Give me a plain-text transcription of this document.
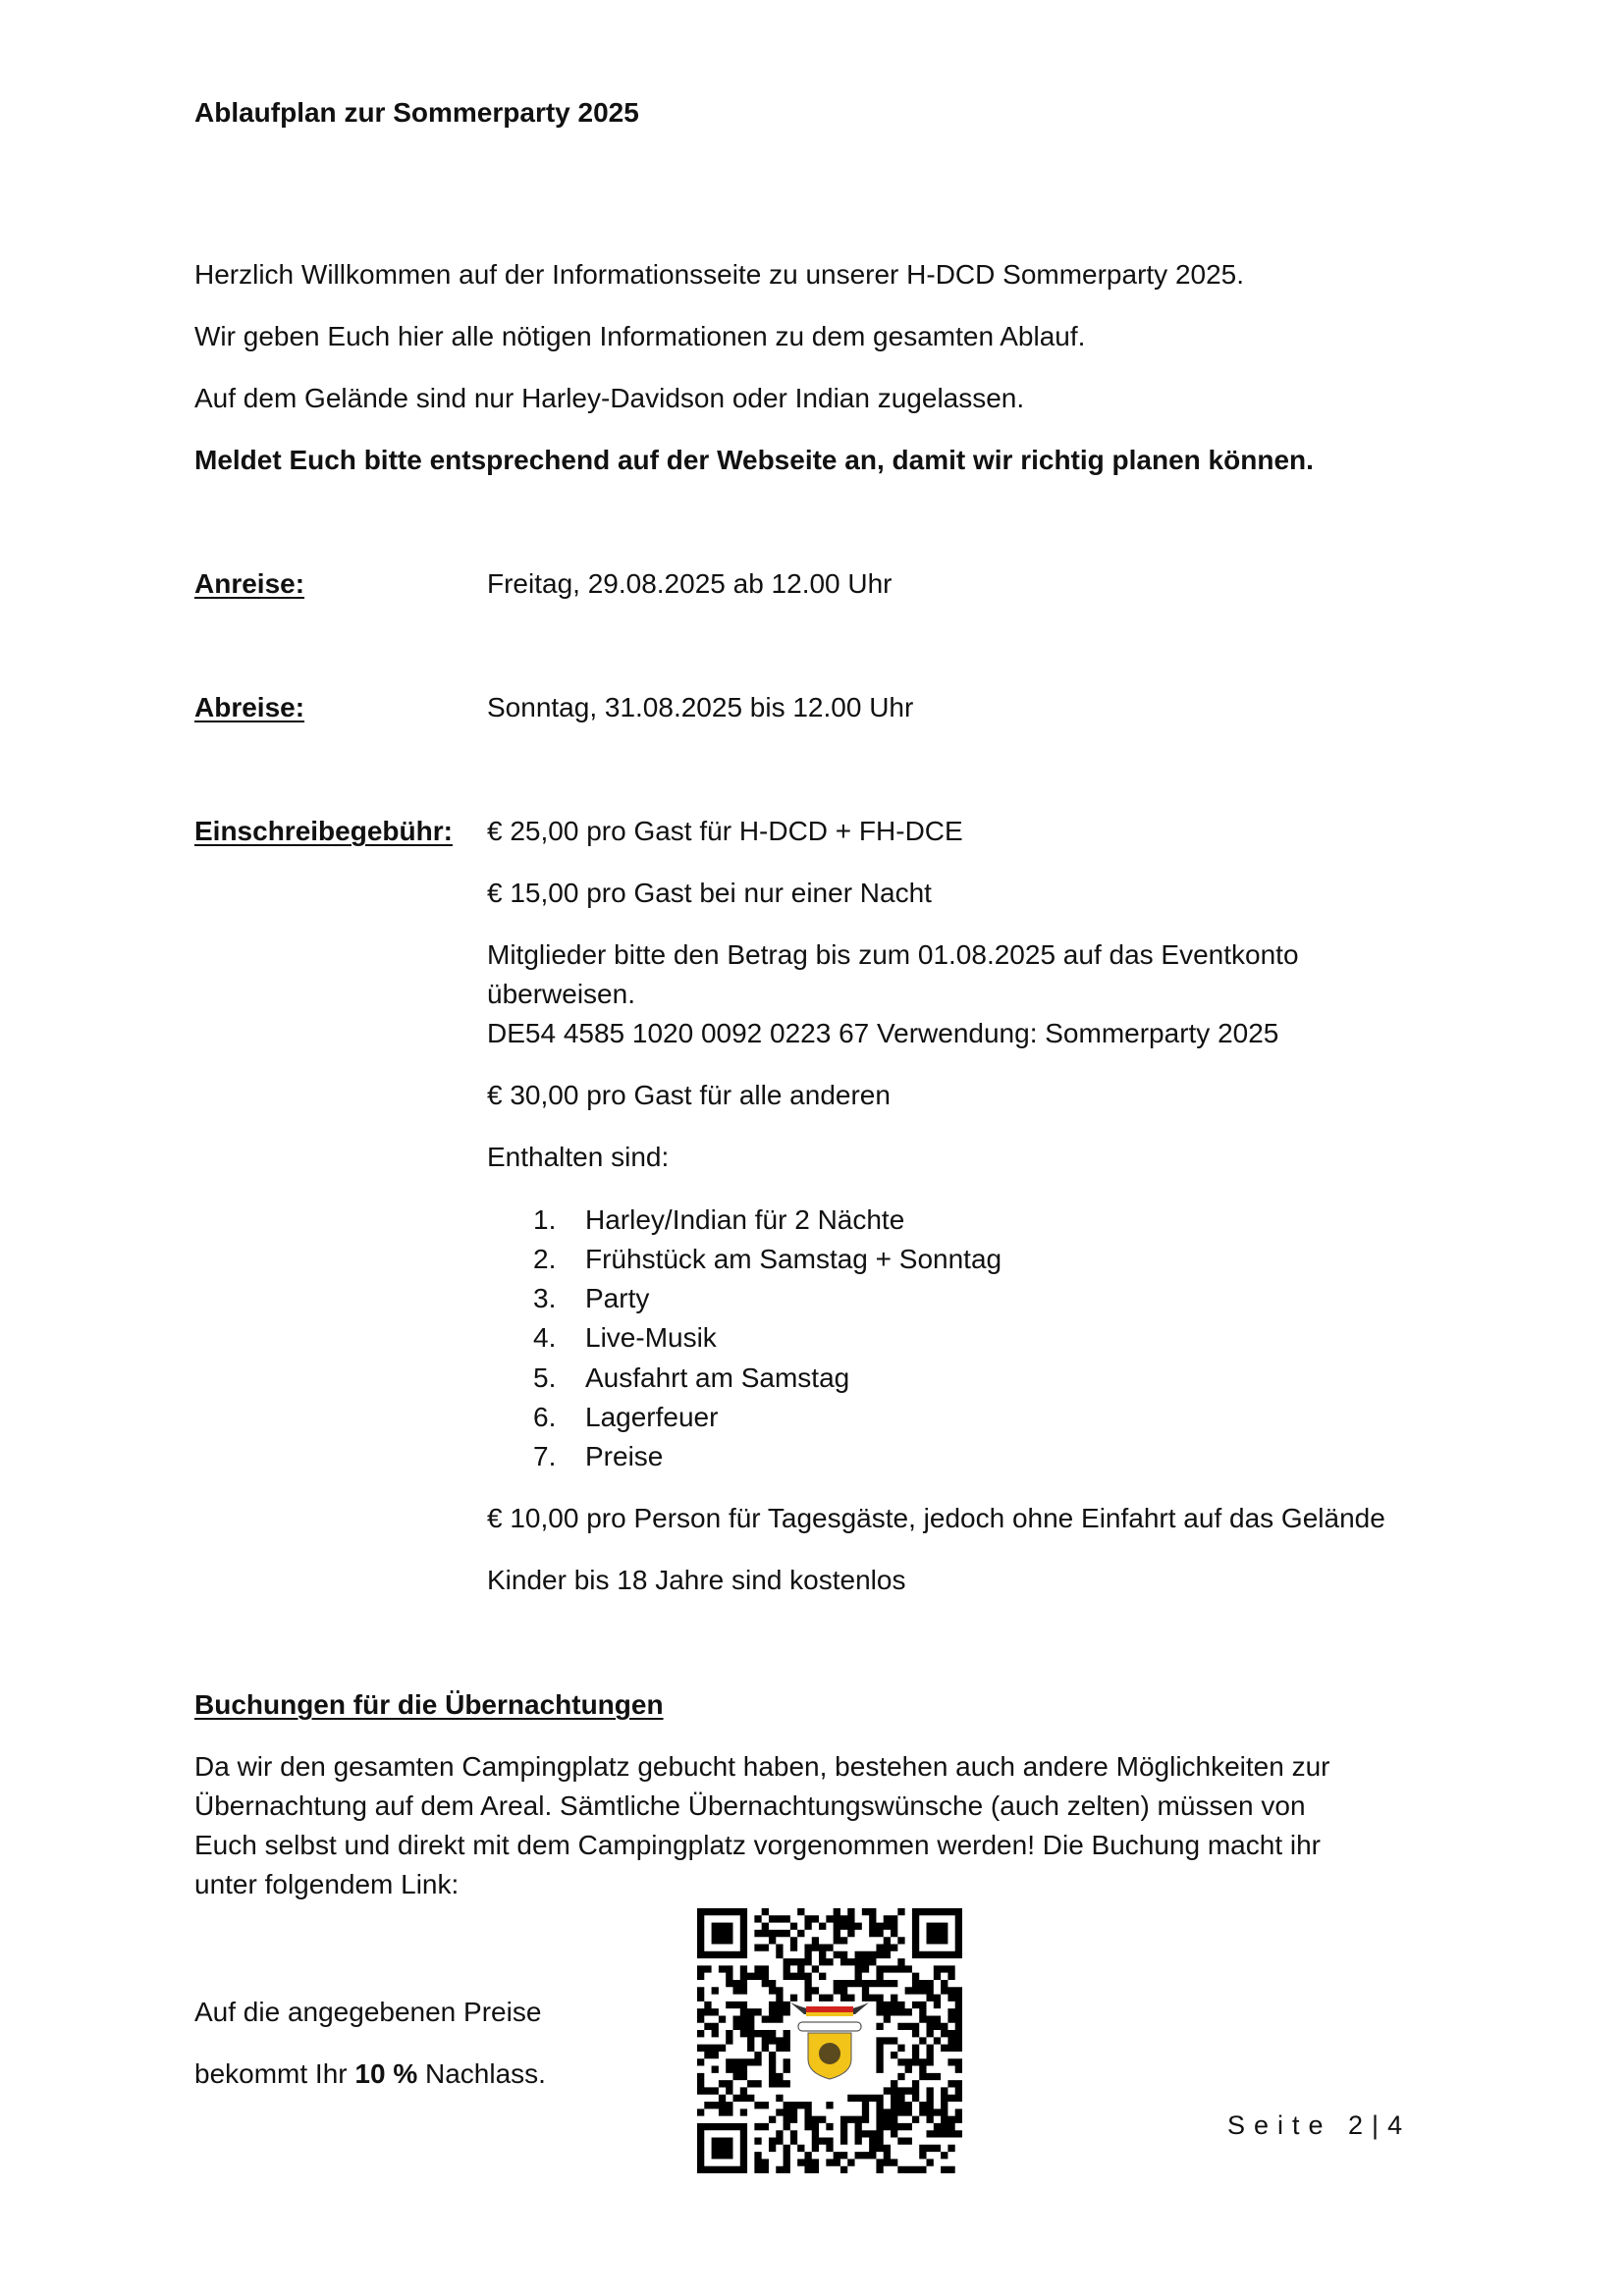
Ablaufplan zur Sommerparty 2025
Herzlich Willkommen auf der Informationsseite zu unserer H-DCD Sommerparty 2025.
Wir geben Euch hier alle nötigen Informationen zu dem gesamten Ablauf.
Auf dem Gelände sind nur Harley-Davidson oder Indian zugelassen.
Meldet Euch bitte entsprechend auf der Webseite an, damit wir richtig planen können.
Anreise:	Freitag, 29.08.2025 ab 12.00 Uhr
Abreise:	Sonntag, 31.08.2025 bis 12.00 Uhr
Einschreibegebühr: € 25,00 pro Gast für H-DCD + FH-DCE
€ 15,00 pro Gast bei nur einer Nacht
Mitglieder bitte den Betrag bis zum 01.08.2025 auf das Eventkonto
überweisen.
DE54 4585 1020 0092 0223 67 Verwendung: Sommerparty 2025
€ 30,00 pro Gast für alle anderen
Enthalten sind:
1. Harley/Indian für 2 Nächte
2. Frühstück am Samstag + Sonntag
3. Party
4. Live-Musik
5. Ausfahrt am Samstag
6. Lagerfeuer
7. Preise
€ 10,00 pro Person für Tagesgäste, jedoch ohne Einfahrt auf das Gelände
Kinder bis 18 Jahre sind kostenlos
Buchungen für die Übernachtungen
Da wir den gesamten Campingplatz gebucht haben, bestehen auch andere Möglichkeiten zur
Übernachtung auf dem Areal. Sämtliche Übernachtungswünsche (auch zelten) müssen von
Euch selbst und direkt mit dem Campingplatz vorgenommen werden! Die Buchung macht ihr
unter folgendem Link:
Auf die angegebenen Preise
bekommt Ihr 10 % Nachlass.
Seite 2|4
